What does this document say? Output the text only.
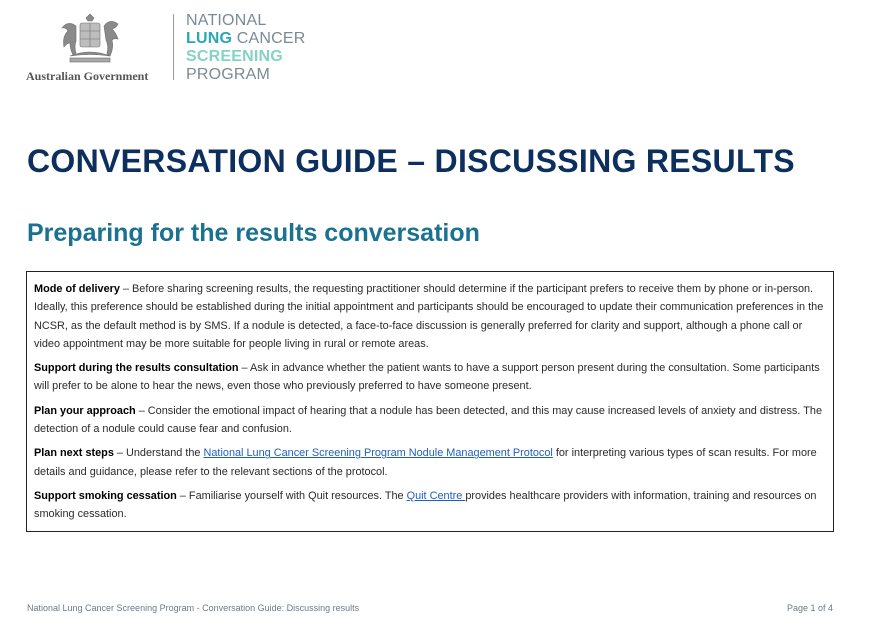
Australian Government
NATIONAL
LUNG CANCER
SCREENING
PROGRAM
CONVERSATION GUIDE – DISCUSSING RESULTS
Preparing for the results conversation

Mode of delivery – Before sharing screening results, the requesting practitioner should determine if the participant prefers to receive them by phone or in-person. Ideally, this preference should be established during the initial appointment and participants should be encouraged to update their communication preferences in the NCSR, as the default method is by SMS. If a nodule is detected, a face-to-face discussion is generally preferred for clarity and support, although a phone call or video appointment may be more suitable for people living in rural or remote areas.

Support during the results consultation – Ask in advance whether the patient wants to have a support person present during the consultation. Some participants will prefer to be alone to hear the news, even those who previously preferred to have someone present.

Plan your approach – Consider the emotional impact of hearing that a nodule has been detected, and this may cause increased levels of anxiety and distress. The detection of a nodule could cause fear and confusion.

Plan next steps – Understand the National Lung Cancer Screening Program Nodule Management Protocol for interpreting various types of scan results. For more details and guidance, please refer to the relevant sections of the protocol.

Support smoking cessation – Familiarise yourself with Quit resources. The Quit Centre provides healthcare providers with information, training and resources on smoking cessation.

National Lung Cancer Screening Program - Conversation Guide: Discussing results	Page 1 of 4
